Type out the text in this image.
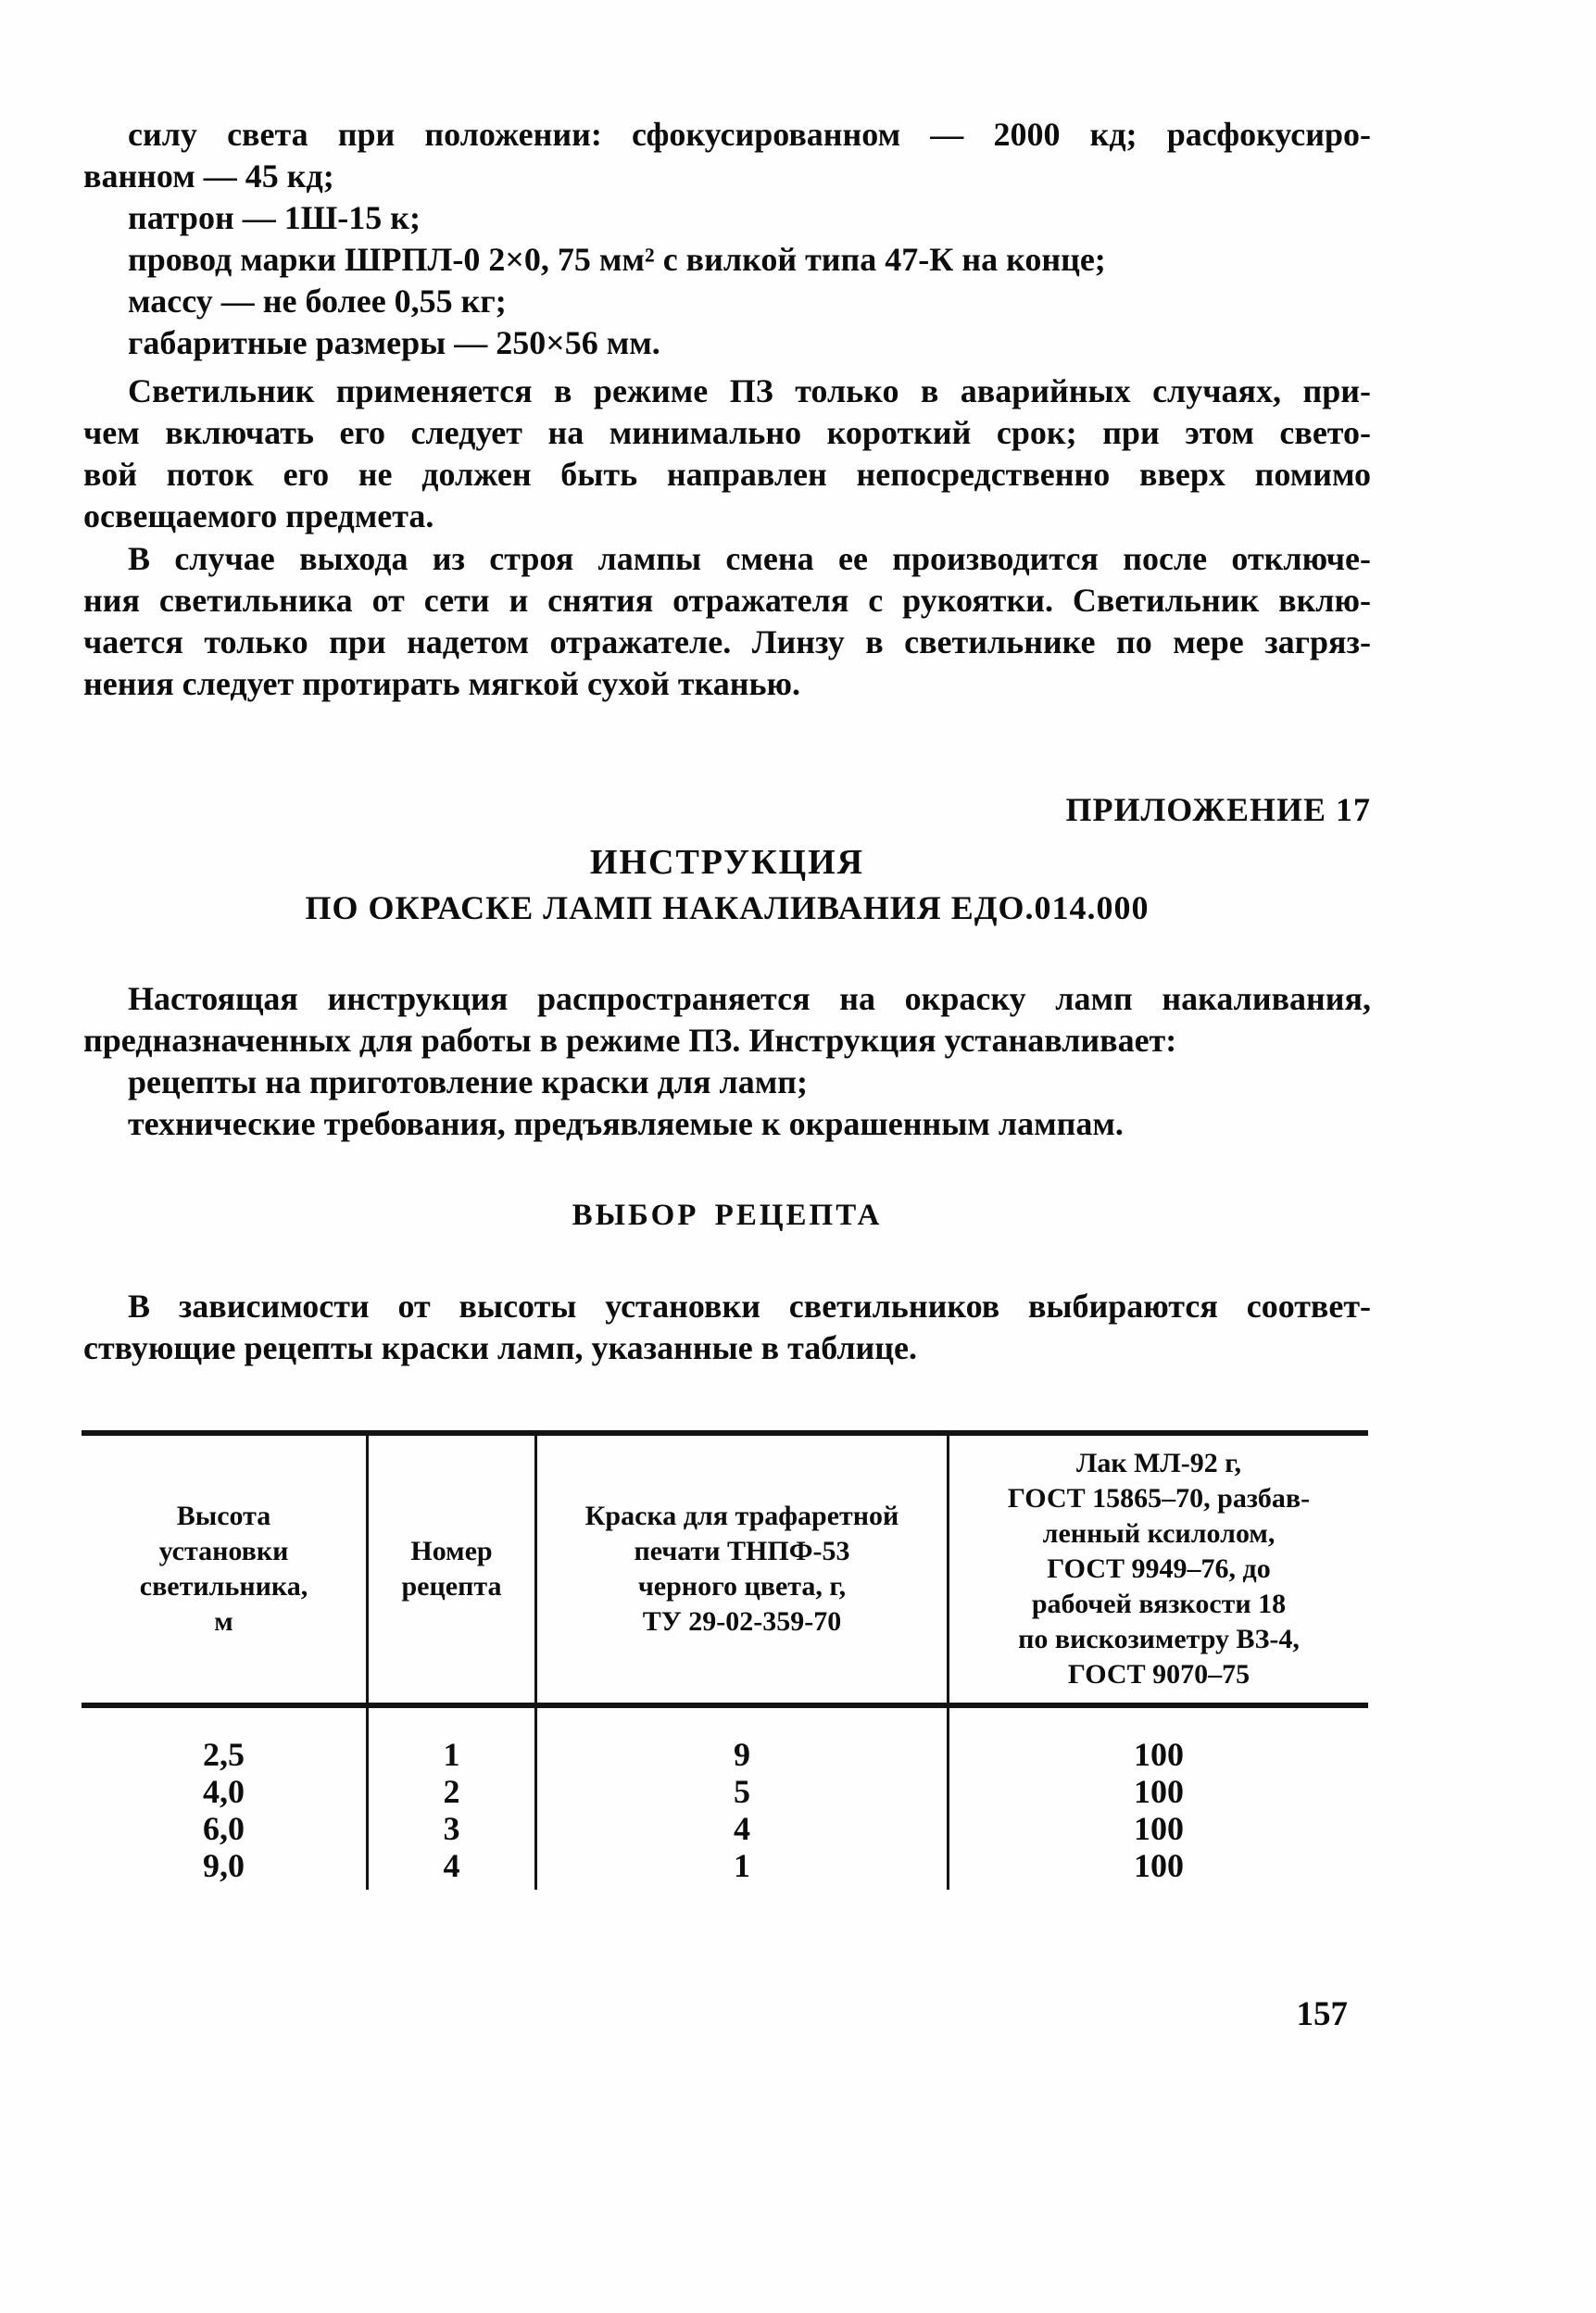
силу света при положении: сфокусированном — 2000 кд; расфокусиро-
ванном — 45 кд;
патрон — 1Ш-15 к;
провод марки ШРПЛ-0 2×0, 75 мм² с вилкой типа 47-К на конце;
массу — не более 0,55 кг;
габаритные размеры — 250×56 мм.
Светильник применяется в режиме ПЗ только в аварийных случаях, при-
чем включать его следует на минимально короткий срок; при этом свето-
вой поток его не должен быть направлен непосредственно вверх помимо
освещаемого предмета.
В случае выхода из строя лампы смена ее производится после отключе-
ния светильника от сети и снятия отражателя с рукоятки. Светильник вклю-
чается только при надетом отражателе. Линзу в светильнике по мере загряз-
нения следует протирать мягкой сухой тканью.
ПРИЛОЖЕНИЕ 17
ИНСТРУКЦИЯ
ПО ОКРАСКЕ ЛАМП НАКАЛИВАНИЯ ЕДО.014.000
Настоящая инструкция распространяется на окраску ламп накаливания,
предназначенных для работы в режиме ПЗ. Инструкция устанавливает:
рецепты на приготовление краски для ламп;
технические требования, предъявляемые к окрашенным лампам.
ВЫБОР РЕЦЕПТА
В зависимости от высоты установки светильников выбираются соответ-
ствующие рецепты краски ламп, указанные в таблице.
Высота
установки
светильника,
м
Номер
рецепта
Краска для трафаретной
печати ТНПФ-53
черного цвета, г,
ТУ 29-02-359-70
Лак МЛ-92 г,
ГОСТ 15865–70, разбав-
ленный ксилолом,
ГОСТ 9949–76, до
рабочей вязкости 18
по вискозиметру ВЗ-4,
ГОСТ 9070–75
2,5
4,0
6,0
9,0
1
2
3
4
9
5
4
1
100
100
100
100
157
